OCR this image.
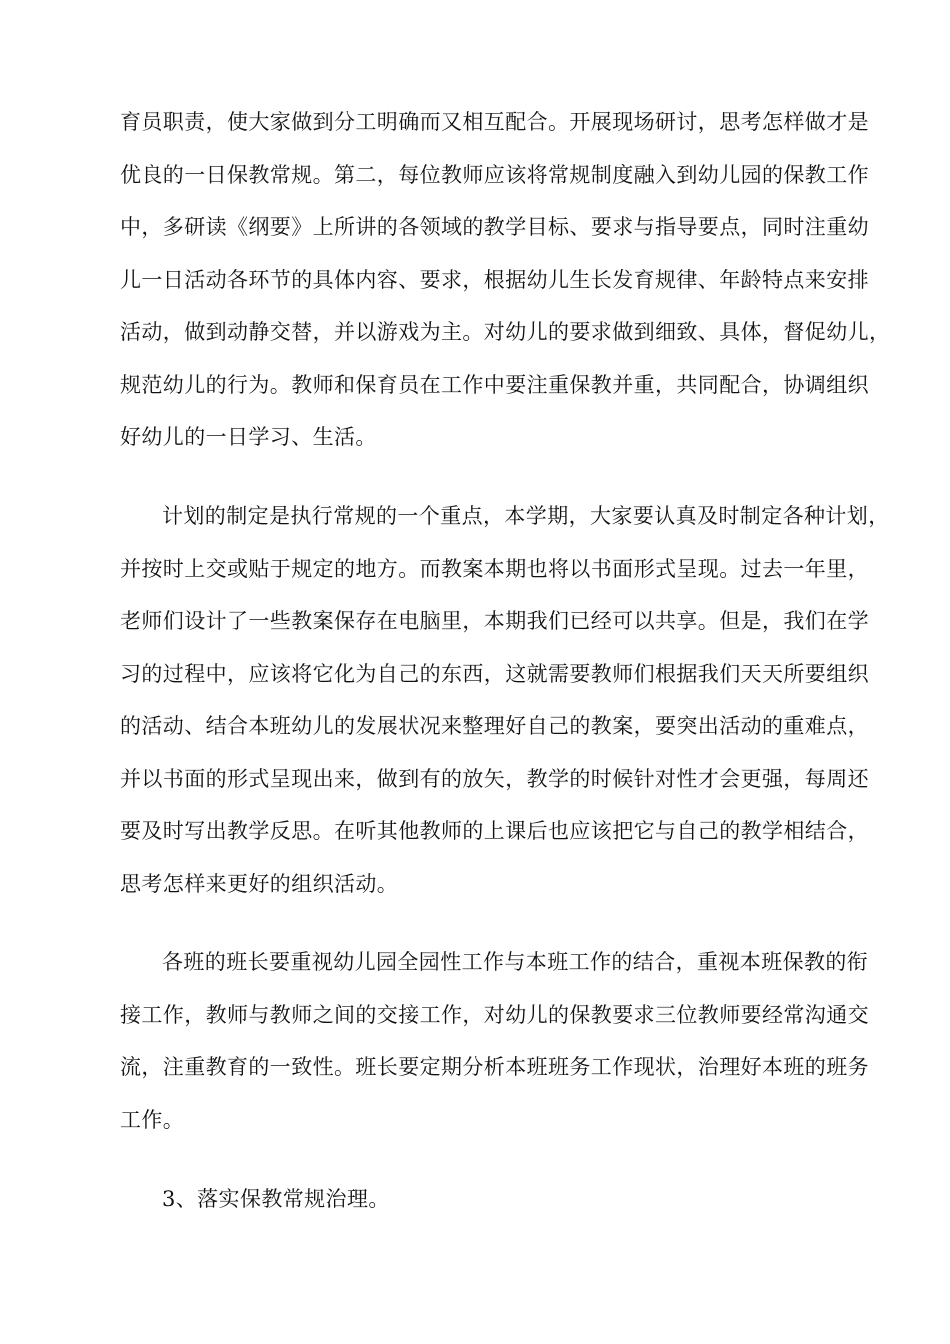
育员职责，使大家做到分工明确而又相互配合。开展现场研讨，思考怎样做才是
优良的一日保教常规。第二，每位教师应该将常规制度融入到幼儿园的保教工作
中，多研读《纲要》上所讲的各领域的教学目标、要求与指导要点，同时注重幼
儿一日活动各环节的具体内容、要求，根据幼儿生长发育规律、年龄特点来安排
活动，做到动静交替，并以游戏为主。对幼儿的要求做到细致、具体，督促幼儿，
规范幼儿的行为。教师和保育员在工作中要注重保教并重，共同配合，协调组织
好幼儿的一日学习、生活。
计划的制定是执行常规的一个重点，本学期，大家要认真及时制定各种计划，
并按时上交或贴于规定的地方。而教案本期也将以书面形式呈现。过去一年里，
老师们设计了一些教案保存在电脑里，本期我们已经可以共享。但是，我们在学
习的过程中，应该将它化为自己的东西，这就需要教师们根据我们天天所要组织
的活动、结合本班幼儿的发展状况来整理好自己的教案，要突出活动的重难点，
并以书面的形式呈现出来，做到有的放矢，教学的时候针对性才会更强，每周还
要及时写出教学反思。在听其他教师的上课后也应该把它与自己的教学相结合，
思考怎样来更好的组织活动。
各班的班长要重视幼儿园全园性工作与本班工作的结合，重视本班保教的衔
接工作，教师与教师之间的交接工作，对幼儿的保教要求三位教师要经常沟通交
流，注重教育的一致性。班长要定期分析本班班务工作现状，治理好本班的班务
工作。
3、落实保教常规治理。
